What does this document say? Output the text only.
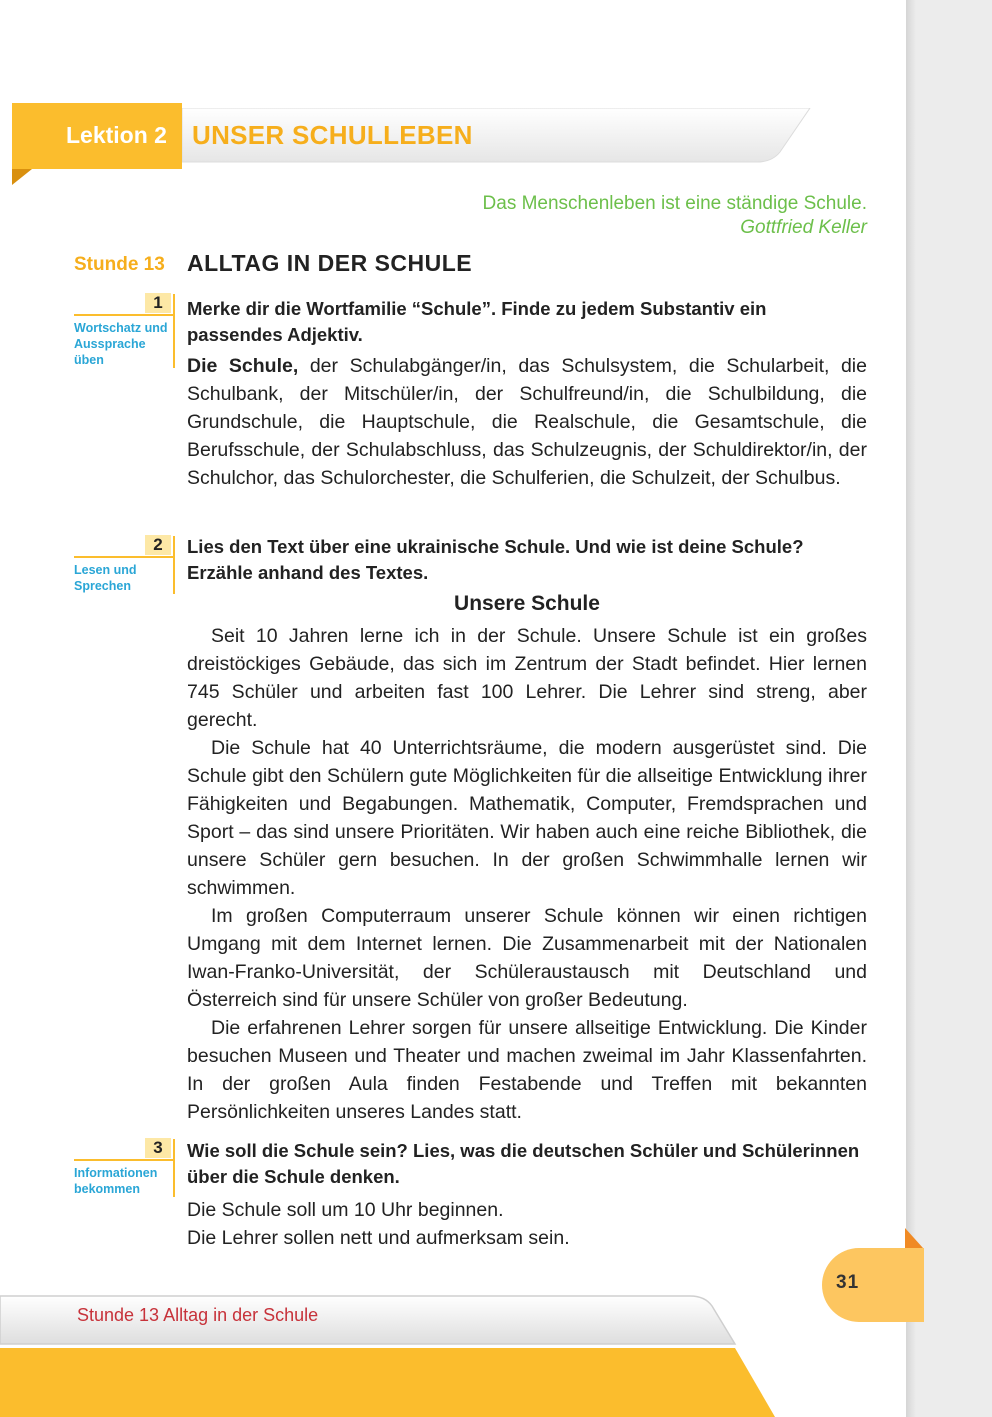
Lektion 2 UNSER SCHULLEBEN
Das Menschenleben ist eine ständige Schule.
Gottfried Keller
Stunde 13 ALLTAG IN DER SCHULE
1
Wortschatz und Aussprache üben
Merke dir die Wortfamilie “Schule”. Finde zu jedem Substantiv ein passendes Adjektiv.
Die Schule, der Schulabgänger/in, das Schulsystem, die Schularbeit, die Schulbank, der Mitschüler/in, der Schulfreund/in, die Schulbildung, die Grundschule, die Hauptschule, die Realschule, die Gesamtschule, die Berufsschule, der Schulabschluss, das Schulzeugnis, der Schuldirektor/in, der Schulchor, das Schulorchester, die Schulferien, die Schulzeit, der Schulbus.
2
Lesen und Sprechen
Lies den Text über eine ukrainische Schule. Und wie ist deine Schule? Erzähle anhand des Textes.
Unsere Schule

Seit 10 Jahren lerne ich in der Schule. Unsere Schule ist ein großes dreistöckiges Gebäude, das sich im Zentrum der Stadt befindet. Hier lernen 745 Schüler und arbeiten fast 100 Lehrer. Die Lehrer sind streng, aber gerecht.

Die Schule hat 40 Unterrichtsräume, die modern ausgerüstet sind. Die Schule gibt den Schülern gute Möglichkeiten für die allseitige Entwicklung ihrer Fähigkeiten und Begabungen. Mathematik, Computer, Fremdsprachen und Sport – das sind unsere Prioritäten. Wir haben auch eine reiche Bibliothek, die unsere Schüler gern besuchen. In der großen Schwimmhalle lernen wir schwimmen.

Im großen Computerraum unserer Schule können wir einen richtigen Umgang mit dem Internet lernen. Die Zusammenarbeit mit der Nationalen Iwan-Franko-Universität, der Schüleraustausch mit Deutschland und Österreich sind für unsere Schüler von großer Bedeutung.

Die erfahrenen Lehrer sorgen für unsere allseitige Entwicklung. Die Kinder besuchen Museen und Theater und machen zweimal im Jahr Klassenfahrten. In der großen Aula finden Festabende und Treffen mit bekannten Persönlichkeiten unseres Landes statt.

3
Informationen bekommen
Wie soll die Schule sein? Lies, was die deutschen Schüler und Schülerinnen über die Schule denken.

Die Schule soll um 10 Uhr beginnen.

Die Lehrer sollen nett und aufmerksam sein.

31
Stunde 13 Alltag in der Schule
